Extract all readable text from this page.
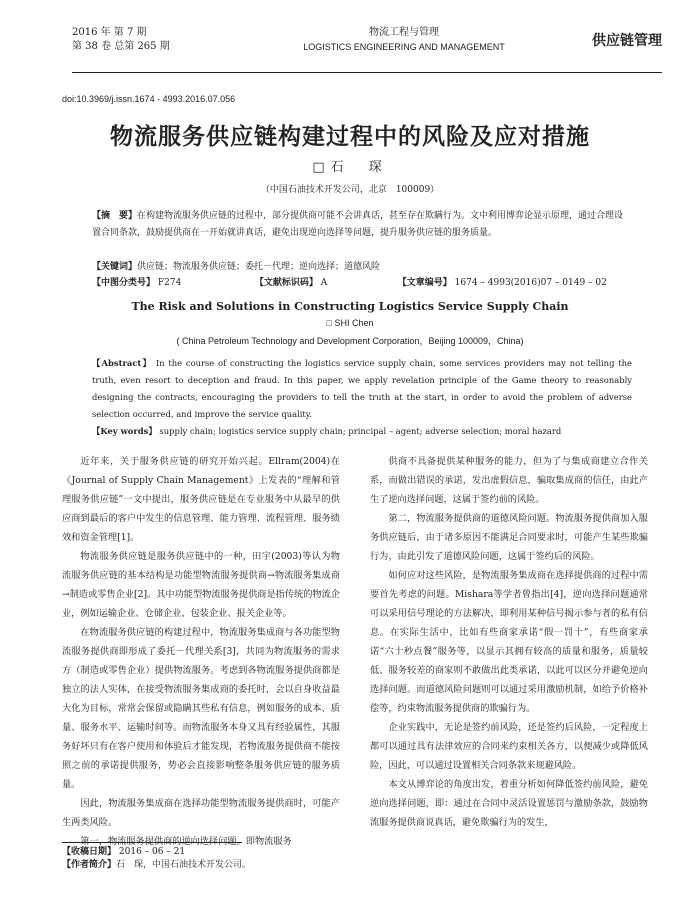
2016 年 第 7 期
第 38 卷 总第 265 期
物流工程与管理
LOGISTICS ENGINEERING AND MANAGEMENT	供应链管理
doi:10.3969/j.issn.1674 - 4993.2016.07.056
物流服务供应链构建过程中的风险及应对措施
□石　琛
（中国石油技术开发公司，北京　100009）
【摘　要】在构建物流服务供应链的过程中，部分提供商可能不会讲真话，甚至存在欺瞒行为。文中利用博弈论显示原理，通过合理设置合同条款，鼓励提供商在一开始就讲真话，避免出现逆向选择等问题，提升服务供应链的服务质量。
【关键词】供应链；物流服务供应链；委托－代理；逆向选择；道德风险
【中图分类号】 F274	【文献标识码】 A	【文章编号】 1674 – 4993(2016)07 – 0149 – 02
The Risk and Solutions in Constructing Logistics Service Supply Chain
□ SHI Chen
( China Petroleum Technology and Development Corporation，Beijing 100009，China)
【Abstract】 In the course of constructing the logistics service supply chain, some services providers may not telling the truth, even resort to deception and fraud. In this paper, we apply revelation principle of the Game theory to reasonably designing the contracts, encouraging the providers to tell the truth at the start, in order to avoid the problem of adverse selection occurred, and improve the service quality.
【Key words】 supply chain; logistics service supply chain; principal – agent; adverse selection; moral hazard

近年来，关于服务供应链的研究开始兴起。Ellram(2004)在《Journal of Supply Chain Management》上发表的“理解和管理服务供应链”一文中提出，服务供应链是在专业服务中从最早的供应商到最后的客户中发生的信息管理、能力管理、流程管理、服务绩效和资金管理[1]。

物流服务供应链是服务供应链中的一种，田宇(2003)等认为物流服务供应链的基本结构是功能型物流服务提供商→物流服务集成商→制造或零售企业[2]。其中功能型物流服务提供商是指传统的物流企业，例如运输企业、仓储企业、包装企业、报关企业等。

在物流服务供应链的构建过程中，物流服务集成商与各功能型物流服务提供商即形成了委托－代理关系[3]，共同为物流服务的需求方（制造或零售企业）提供物流服务。考虑到各物流服务提供商都是独立的法人实体，在接受物流服务集成商的委托时，会以自身收益最大化为目标，常常会保留或隐瞒其些私有信息，例如服务的成本、质量、服务水平、运输时间等。而物流服务本身又具有经验属性，其服务好坏只有在客户使用和体验后才能发现，若物流服务提供商不能按照之前的承诺提供服务，势必会直接影响整条服务供应链的服务质量。

因此，物流服务集成商在选择功能型物流服务提供商时，可能产生两类风险。

第一，物流服务提供商的逆向选择问题。即物流服务

供商不具备提供某种服务的能力，但为了与集成商建立合作关系，而做出错误的承诺，发出虚假信息，骗取集成商的信任，由此产生了逆向选择问题，这属于签约前的风险。

第二，物流服务提供商的道德风险问题。物流服务提供商加入服务供应链后，由于诸多原因不能满足合同要求时，可能产生某些欺骗行为，由此引发了道德风险问题，这属于签约后的风险。

如何应对这些风险，是物流服务集成商在选择提供商的过程中需要首先考虑的问题。Mishara等学者曾指出[4]，逆向选择问题通常可以采用信号理论的方法解决，即利用某种信号揭示参与者的私有信息。在实际生活中，比如有些商家承诺“假一罚十”，有些商家承诺“六十秒点餐”服务等，以显示其拥有较高的质量和服务，质量较低、服务较差的商家则不敢做出此类承诺，以此可以区分并避免逆向选择问题。而道德风险问题则可以通过采用激励机制，如给予价格补偿等，约束物流服务提供商的欺骗行为。

企业实践中，无论是签约前风险，还是签约后风险，一定程度上都可以通过具有法律效应的合同来约束相关各方，以便减少或降低风险，因此，可以通过设置相关合同条款来规避风险。

本文从博弈论的角度出发，着重分析如何降低签约前风险，避免逆向选择问题，即：通过在合同中灵活设置惩罚与激励条款，鼓励物流服务提供商说真话，避免欺骗行为的发生，

【收稿日期】 2016 – 06 – 21
【作者简介】石　琛，中国石油技术开发公司。
